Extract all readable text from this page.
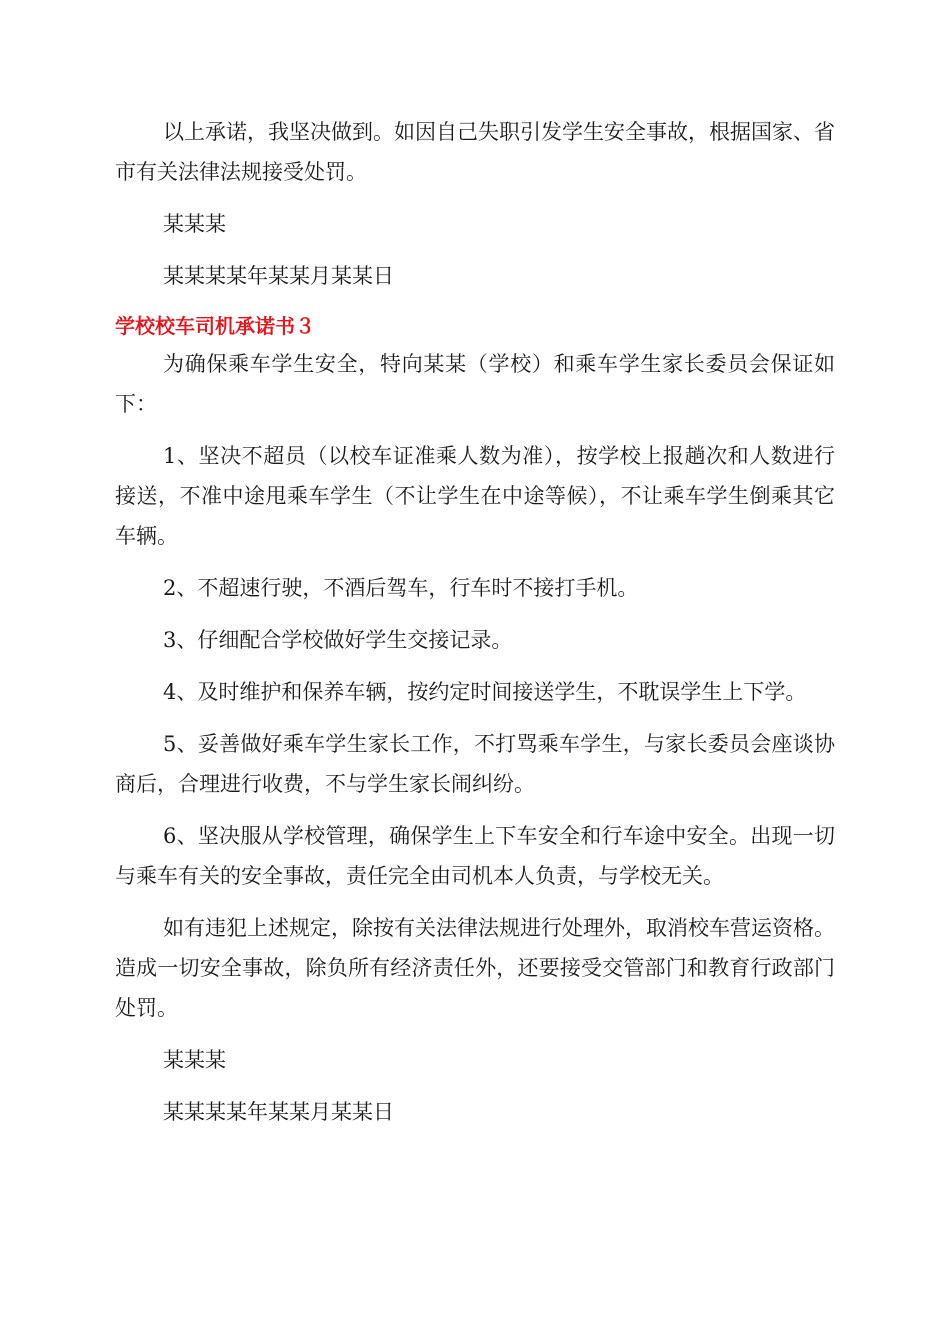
以上承诺，我坚决做到。如因自己失职引发学生安全事故，根据国家、省市有关法律法规接受处罚。

某某某

某某某某年某某月某某日

学校校车司机承诺书３

为确保乘车学生安全，特向某某（学校）和乘车学生家长委员会保证如下：

1、坚决不超员（以校车证准乘人数为准），按学校上报趟次和人数进行接送，不准中途甩乘车学生（不让学生在中途等候），不让乘车学生倒乘其它车辆。

2、不超速行驶，不酒后驾车，行车时不接打手机。

3、仔细配合学校做好学生交接记录。

4、及时维护和保养车辆，按约定时间接送学生，不耽误学生上下学。

5、妥善做好乘车学生家长工作，不打骂乘车学生，与家长委员会座谈协商后，合理进行收费，不与学生家长闹纠纷。

6、坚决服从学校管理，确保学生上下车安全和行车途中安全。出现一切与乘车有关的安全事故，责任完全由司机本人负责，与学校无关。

如有违犯上述规定，除按有关法律法规进行处理外，取消校车营运资格。造成一切安全事故，除负所有经济责任外，还要接受交管部门和教育行政部门处罚。

某某某

某某某某年某某月某某日
